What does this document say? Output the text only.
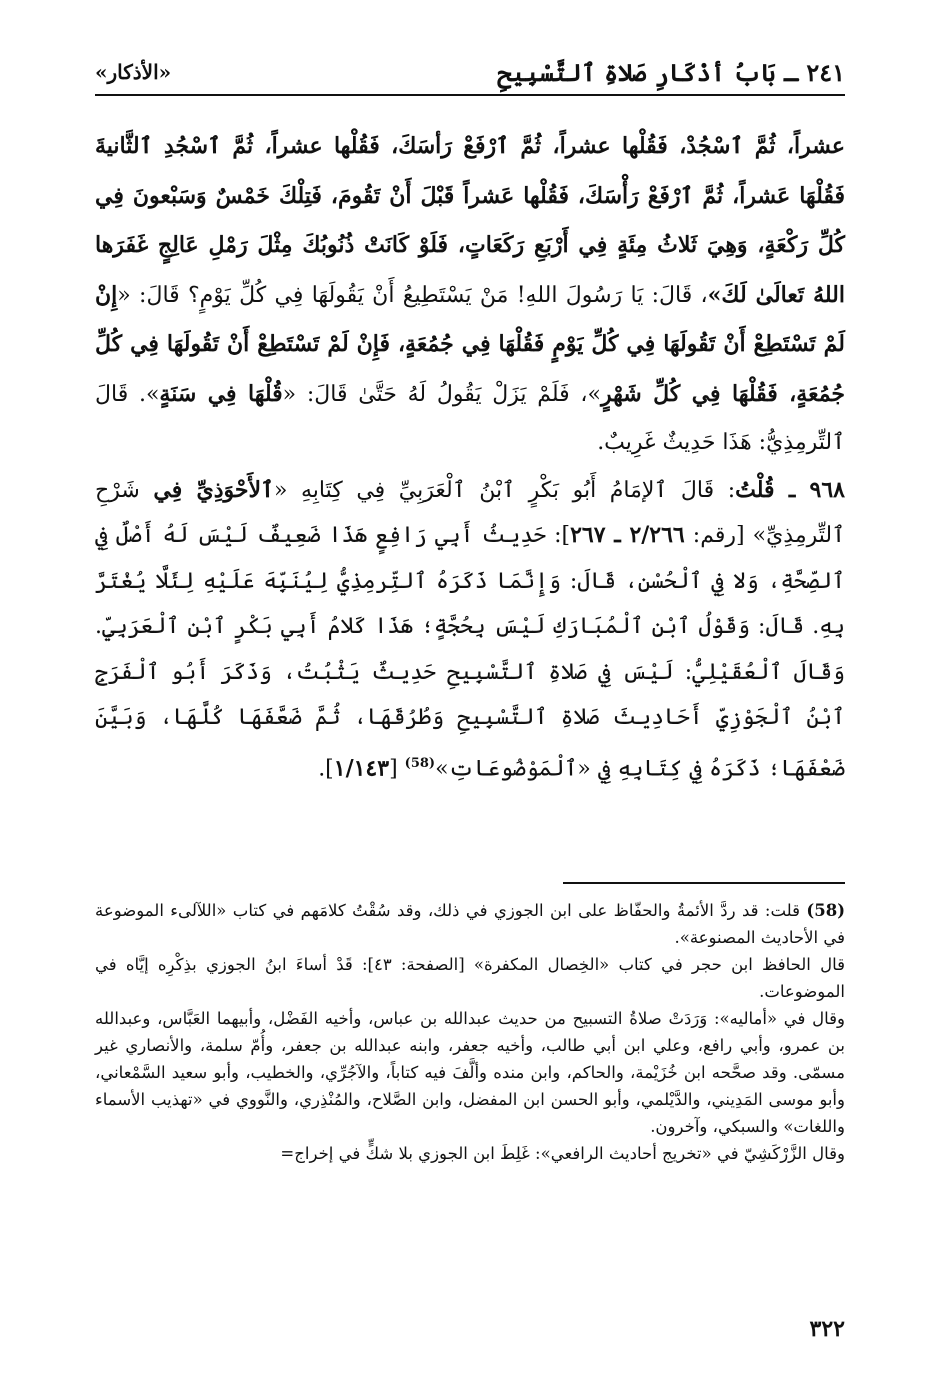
٢٤١ ـ بَابُ أذْكَارِ صَلاةِ ٱلتَّسْبِيحِ
«الأذكار»

عشراً، ثُمَّ ٱسْجُدْ، فَقُلْها عشراً، ثُمَّ ٱرْفَعْ رَأسَكَ، فَقُلْها عشراً، ثُمَّ ٱسْجُدِ ٱلثَّانيةَ فَقُلْهَا عَشراً، ثُمَّ ٱرْفَعْ رَأْسَكَ، فَقُلْها عَشراً قَبْلَ أَنْ تَقُومَ، فَتِلْكَ خَمْسٌ وَسَبْعونَ فِي كُلِّ رَكْعَةٍ، وَهِيَ ثَلاثُ مِئَةٍ فِي أَرْبَعِ رَكَعَاتٍ، فَلَوْ كَانَتْ ذُنُوبُكَ مِثْلَ رَمْلِ عَالِجٍ غَفَرَها اللهُ تَعالَىٰ لَكَ»، قَالَ: يَا رَسُولَ اللهِ! مَنْ يَسْتَطِيعُ أَنْ يَقُولَهَا فِي كُلِّ يَوْمٍ؟ قَالَ: «إِنْ لَمْ تَسْتَطِعْ أَنْ تَقُولَهَا فِي كُلِّ يَوْمٍ فَقُلْهَا فِي جُمُعَةٍ، فَإِنْ لَمْ تَسْتَطِعْ أَنْ تَقُولَهَا فِي كُلِّ جُمُعَةٍ، فَقُلْهَا فِي كُلِّ شَهْرٍ»، فَلَمْ يَزَلْ يَقُولُ لَهُ حَتَّىٰ قَالَ: «قُلْهَا فِي سَنَةٍ». قَالَ ٱلتِّرمِذِيُّ: هَذَا حَدِيثٌ غَرِيبٌ.

٩٦٨ ـ قُلْتُ: قَالَ ٱلإمَامُ أَبُو بَكْرٍ ٱبْنُ ٱلْعَرَبِيِّ فِي كِتَابِهِ «ٱلأَحْوَذِيِّ فِي شَرْحِ ٱلتِّرمِذِيِّ» [رقم: ٢/٢٦٦ ـ ٢٦٧]: حَدِيثُ أَبِي رَافِعٍ هَذَا ضَعِيفٌ لَيْسَ لَهُ أَصْلٌ فِي ٱلصِّحَّةِ، وَلا فِي ٱلْحُسْنِ، قَالَ: وَإِنَّمَا ذَكَرَهُ ٱلتِّرمِذِيُّ لِيُنَبِّهَ عَلَيْهِ لِئَلَّا يُغْتَرَّ بِهِ. قَالَ: وَقَوْلُ ٱبْنِ ٱلْمُبَارَكِ لَيْسَ بِحُجَّةٍ؛ هَذَا كَلامُ أَبِي بَكْرٍ ٱبْنِ ٱلْعَرَبِيِّ. وَقَالَ ٱلْعُقَيْلِيُّ: لَيْسَ فِي صَلاةِ ٱلتَّسْبِيحِ حَدِيثٌ يَثْبُتُ، وَذَكَرَ أَبُو ٱلْفَرَجِ ٱبْنُ ٱلْجَوْزِيِّ أَحَادِيثَ صَلاةِ ٱلتَّسْبِيحِ وَطُرُقَهَا، ثُمَّ ضَعَّفَهَا كُلَّهَا، وَبَيَّنَ ضَعْفَهَا؛ ذَكَرَهُ فِي كِتَابِهِ فِي «ٱلْمَوْضُوعَاتِ»$^{(58)}$ [١/١٤٣].

(58) قلت: قد ردَّ الأئمةُ والحفّاظ على ابن الجوزي في ذلك، وقد سُقْتُ كلامَهم في كتاب «اللآلىء الموضوعة في الأحاديث المصنوعة».

قال الحافظ ابن حجر في كتاب «الخِصال المكفرة» [الصفحة: ٤٣]: قَدْ أساءَ ابنُ الجوزي بذِكْرِه إيَّاه في الموضوعات.

وقال في «أماليه»: وَرَدَتْ صلاةُ التسبيح من حديث عبدالله بن عباس، وأخيه الفَضْل، وأبيهما العَبَّاس، وعبدالله بن عمرو، وأبي رافع، وعلي ابن أبي طالب، وأخيه جعفر، وابنه عبدالله بن جعفر، وأُمّ سلمة، والأنصاري غير مسمّى. وقد صحَّحه ابن خُزَيْمة، والحاكم، وابن منده وألَّفَ فيه كتاباً، والآجُرِّي، والخطيب، وأبو سعيد السَّمْعاني، وأبو موسى المَدِيني، والدَّيْلمي، وأبو الحسن ابن المفضل، وابن الصَّلاح، والمُنْذِري، والنَّووي في «تهذيب الأسماء واللغات» والسبكي، وآخرون.

وقال الزَّرْكَشِيّ في «تخريج أحاديث الرافعي»: غَلِطَ ابن الجوزي بلا شكٍّ في إخراج=

٣٢٢
